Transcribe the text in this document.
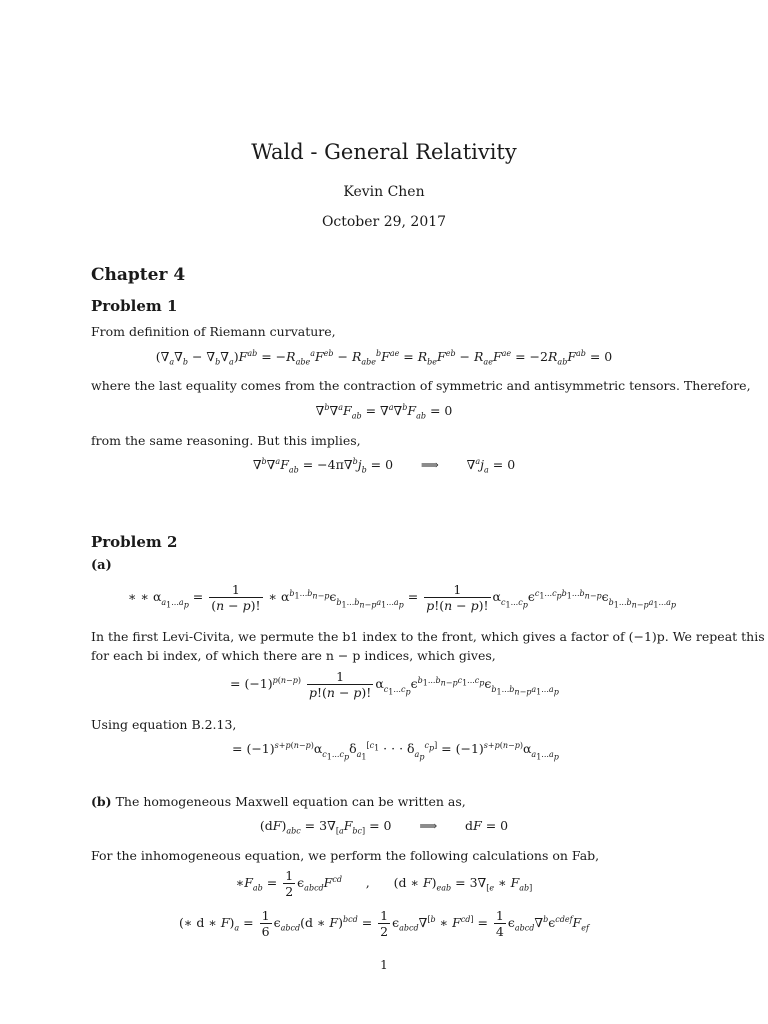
Wald - General Relativity
Kevin Chen
October 29, 2017
Chapter 4
Problem 1
From definition of Riemann curvature,
$(\nabla_a\nabla_b - \nabla_b\nabla_a)F^{ab} = -R_{abe}^aF^{eb} - R_{abe}^bF^{ae} = R_{be}F^{eb} - R_{ae}F^{ae} = -2R_{ab}F^{ab} = 0$
where the last equality comes from the contraction of symmetric and antisymmetric tensors. Therefore,
$\nabla^b\nabla^aF_{ab} = \nabla^a\nabla^bF_{ab} = 0$
from the same reasoning. But this implies,
$\nabla^b\nabla^aF_{ab} = -4\pi\nabla^bj_b = 0$       ⟹       $\nabla^aj_a = 0$
Problem 2
(a)
∗ ∗ $\alpha_{a_1...a_p} = \frac{1}{(n - p)!}$ ∗ $\alpha^{b_1...b_{n-p}}\epsilon_{b_1...b_{n-p}a_1...a_p} = \frac{1}{p!(n - p)!} \alpha_{c_1...c_p}\epsilon^{c_1...c_pb_1...b_{n-p}}\epsilon_{b_1...b_{n-p}a_1...a_p}$
In the first Levi-Civita, we permute the b1 index to the front, which gives a factor of (−1)p. We repeat this
for each bi index, of which there are n − p indices, which gives,
= $(-1)^{p(n-p)} \frac{1}{p!(n - p)!} \alpha_{c_1...c_p}\epsilon^{b_1...b_{n-p}c_1...c_p}\epsilon_{b_1...b_{n-p}a_1...a_p}$
Using equation B.2.13,
= $(-1)^{s+p(n-p)}\alpha_{c_1...c_p}\delta_{a_1}^{[c_1}$ · · · $\delta_{a_p}^{c_p]} = (-1)^{s+p(n-p)}\alpha_{a_1...a_p}$
(b) The homogeneous Maxwell equation can be written as,
$(dF)_{abc} = 3\nabla_{[a}F_{bc]} = 0$       ⟹       dF = 0
For the inhomogeneous equation, we perform the following calculations on Fab,
$∗F_{ab} = \frac{1}{2} \epsilon_{abcd}F^{cd}$      ,      (d ∗ $F)_{eab} = 3\nabla_{[e}$ ∗ $F_{ab]}$
(∗ d ∗ $F)_a = \frac{1}{6} \epsilon_{abcd}(d$ ∗ $F)^{bcd} = \frac{1}{2} \epsilon_{abcd}\nabla^{[b}$ ∗ $F^{cd]} = \frac{1}{4} \epsilon_{abcd}\nabla^b\epsilon^{cdef}F_{ef}$
1
